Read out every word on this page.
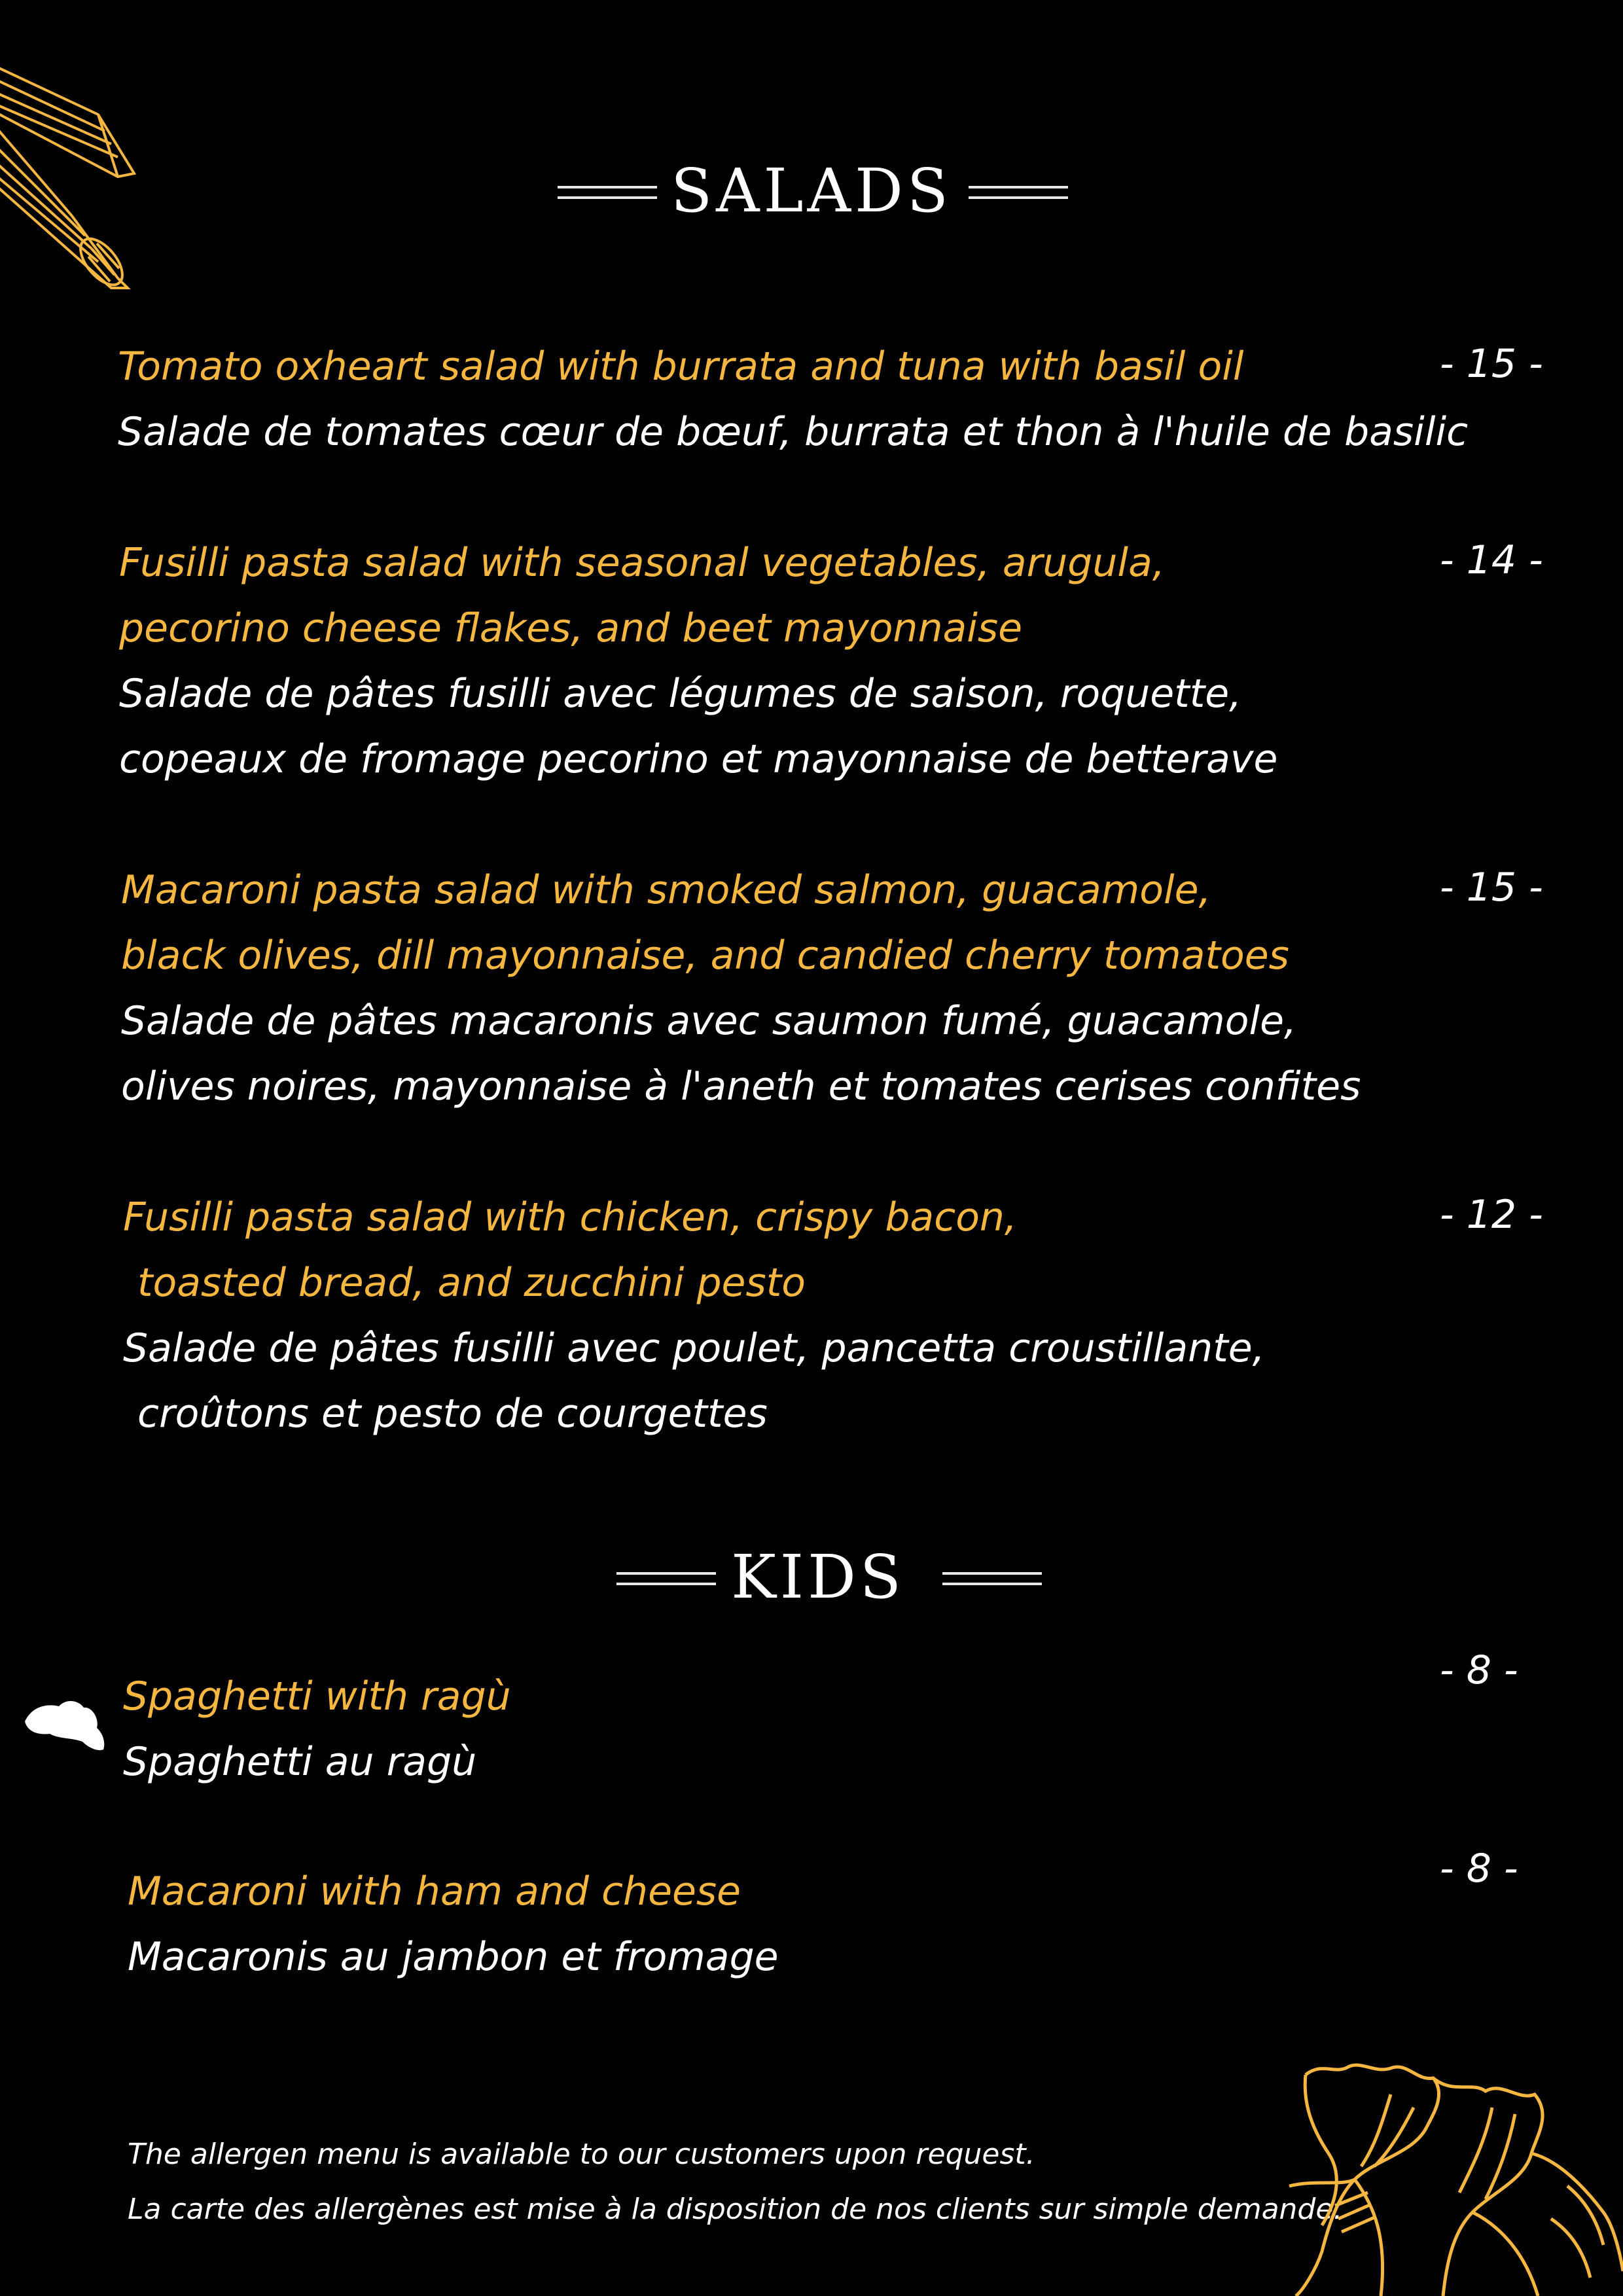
SALADS
Tomato oxheart salad with burrata and tuna with basil oil
Salade de tomates cœur de bœuf, burrata et thon à l'huile de basilic
- 15 -
Fusilli pasta salad with seasonal vegetables, arugula,
pecorino cheese flakes, and beet mayonnaise
Salade de pâtes fusilli avec légumes de saison, roquette,
copeaux de fromage pecorino et mayonnaise de betterave
- 14 -
Macaroni pasta salad with smoked salmon, guacamole,
black olives, dill mayonnaise, and candied cherry tomatoes
Salade de pâtes macaronis avec saumon fumé, guacamole,
olives noires, mayonnaise à l'aneth et tomates cerises confites
- 15 -
Fusilli pasta salad with chicken, crispy bacon,
toasted bread, and zucchini pesto
Salade de pâtes fusilli avec poulet, pancetta croustillante,
croûtons et pesto de courgettes
- 12 -
KIDS
Spaghetti with ragù
Spaghetti au ragù
- 8 -
Macaroni with ham and cheese
Macaronis au jambon et fromage
- 8 -
The allergen menu is available to our customers upon request.
La carte des allergènes est mise à la disposition de nos clients sur simple demande.
